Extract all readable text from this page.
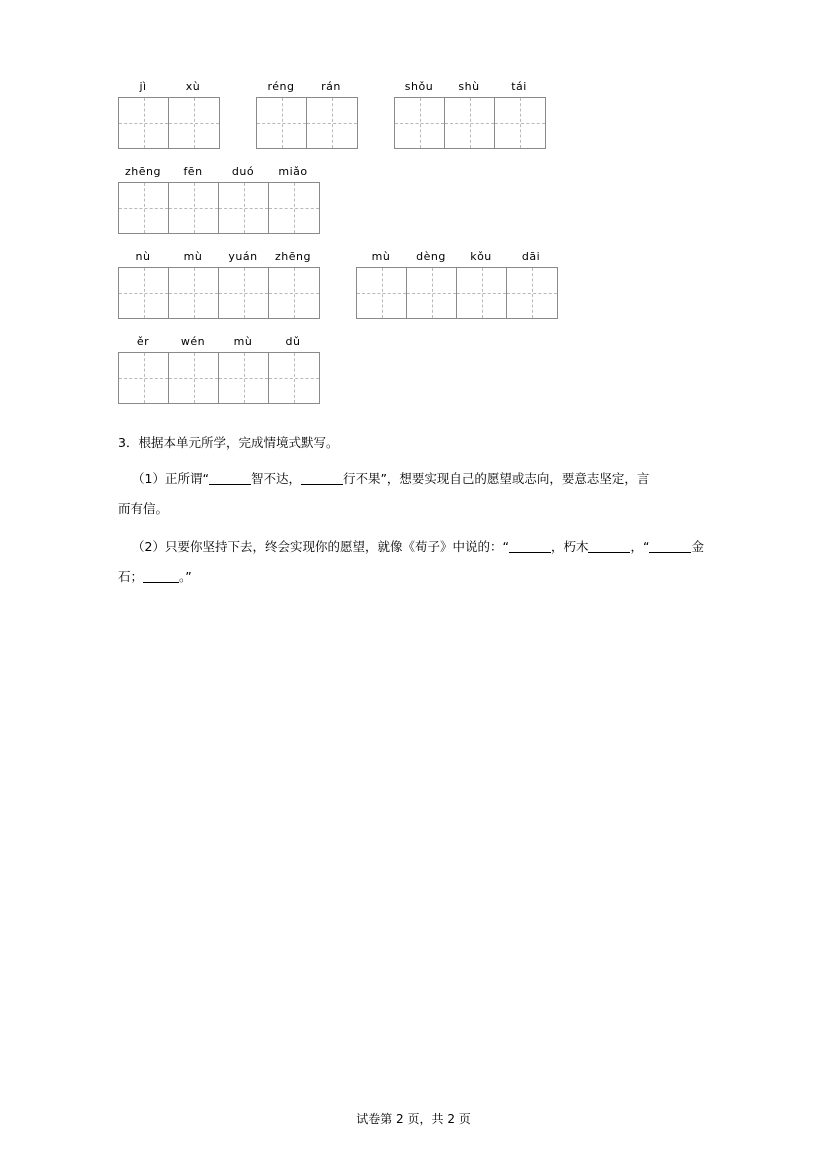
jì	xù	réng	rán	shǒu	shù	tái
zhēng	fēn	duó	miǎo
nù	mù	yuán	zhēng	mù	dèng	kǒu	dāi
ěr	wén	mù	dǔ
3．根据本单元所学，完成情境式默写。
（1）正所谓“	智不达，	行不果”，想要实现自己的愿望或志向，要意志坚定，言
而有信。
（2）只要你坚持下去，终会实现你的愿望，就像《荀子》中说的：“	，朽木	，“	金
石；	。”
试卷第 2 页，共 2 页
